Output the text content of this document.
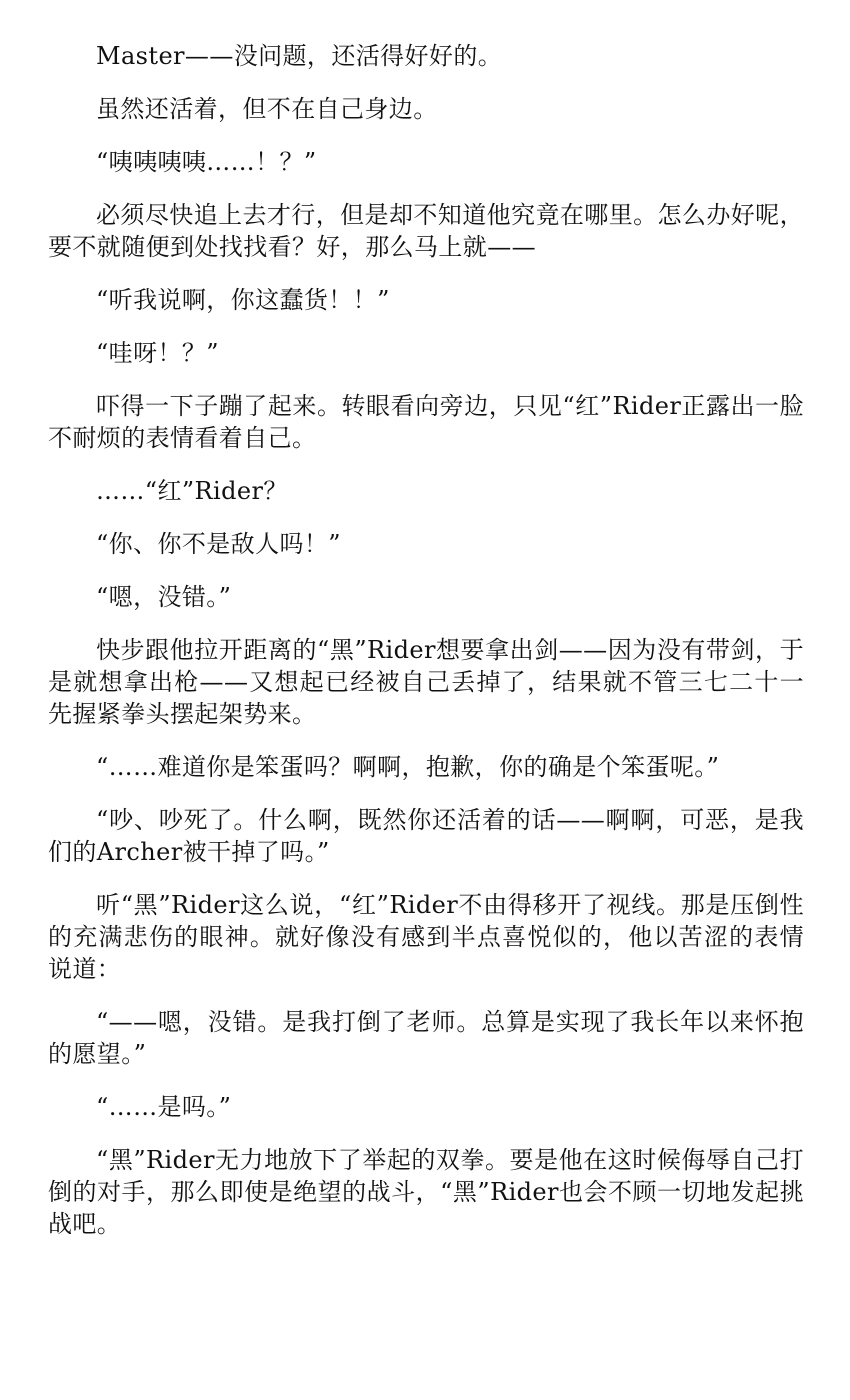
Master——没问题，还活得好好的。

虽然还活着，但不在自己身边。

“咦咦咦咦……！？”

必须尽快追上去才行，但是却不知道他究竟在哪里。怎么办好呢，要不就随便到处找找看？好，那么马上就——

“听我说啊，你这蠢货！！”

“哇呀！？”

吓得一下子蹦了起来。转眼看向旁边，只见“红”Rider正露出一脸不耐烦的表情看着自己。

……“红”Rider？

“你、你不是敌人吗！”

“嗯，没错。”

快步跟他拉开距离的“黑”Rider想要拿出剑——因为没有带剑，于是就想拿出枪——又想起已经被自己丢掉了，结果就不管三七二十一先握紧拳头摆起架势来。

“……难道你是笨蛋吗？啊啊，抱歉，你的确是个笨蛋呢。”

“吵、吵死了。什么啊，既然你还活着的话——啊啊，可恶，是我们的Archer被干掉了吗。”

听“黑”Rider这么说，“红”Rider不由得移开了视线。那是压倒性的充满悲伤的眼神。就好像没有感到半点喜悦似的，他以苦涩的表情说道：

“——嗯，没错。是我打倒了老师。总算是实现了我长年以来怀抱的愿望。”

“……是吗。”

“黑”Rider无力地放下了举起的双拳。要是他在这时候侮辱自己打倒的对手，那么即使是绝望的战斗，“黑”Rider也会不顾一切地发起挑战吧。
